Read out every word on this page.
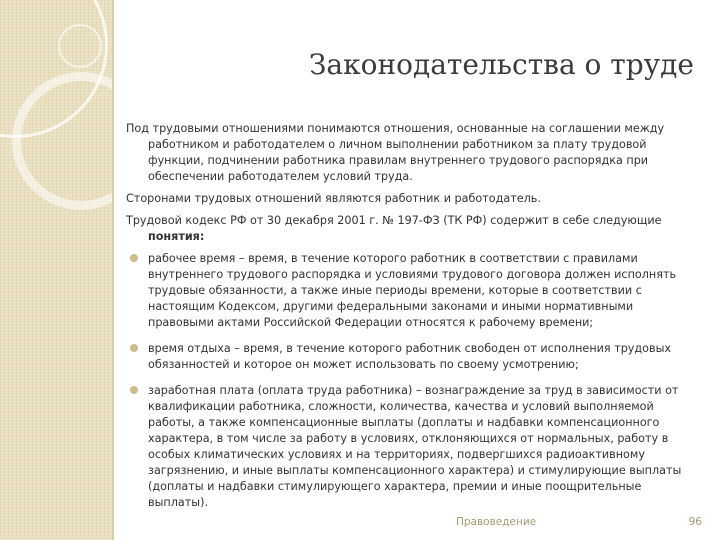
Законодательства о труде

Под трудовыми отношениями понимаются отношения, основанные на соглашении между работником и работодателем о личном выполнении работником за плату трудовой функции, подчинении работника правилам внутреннего трудового распорядка при обеспечении работодателем условий труда.

Сторонами трудовых отношений являются работник и работодатель.

Трудовой кодекс РФ от 30 декабря 2001 г. № 197-ФЗ (ТК РФ) содержит в себе следующие понятия:

рабочее время – время, в течение которого работник в соответствии с правилами внутреннего трудового распорядка и условиями трудового договора должен исполнять трудовые обязанности, а также иные периоды времени, которые в соответствии с настоящим Кодексом, другими федеральными законами и иными нормативными правовыми актами Российской Федерации относятся к рабочему времени;
время отдыха – время, в течение которого работник свободен от исполнения трудовых обязанностей и которое он может использовать по своему усмотрению;
заработная плата (оплата труда работника) – вознаграждение за труд в зависимости от квалификации работника, сложности, количества, качества и условий выполняемой работы, а также компенсационные выплаты (доплаты и надбавки компенсационного характера, в том числе за работу в условиях, отклоняющихся от нормальных, работу в особых климатических условиях и на территориях, подвергшихся радиоактивному загрязнению, и иные выплаты компенсационного характера) и стимулирующие выплаты (доплаты и надбавки стимулирующего характера, премии и иные поощрительные выплаты).
Правоведение	96
